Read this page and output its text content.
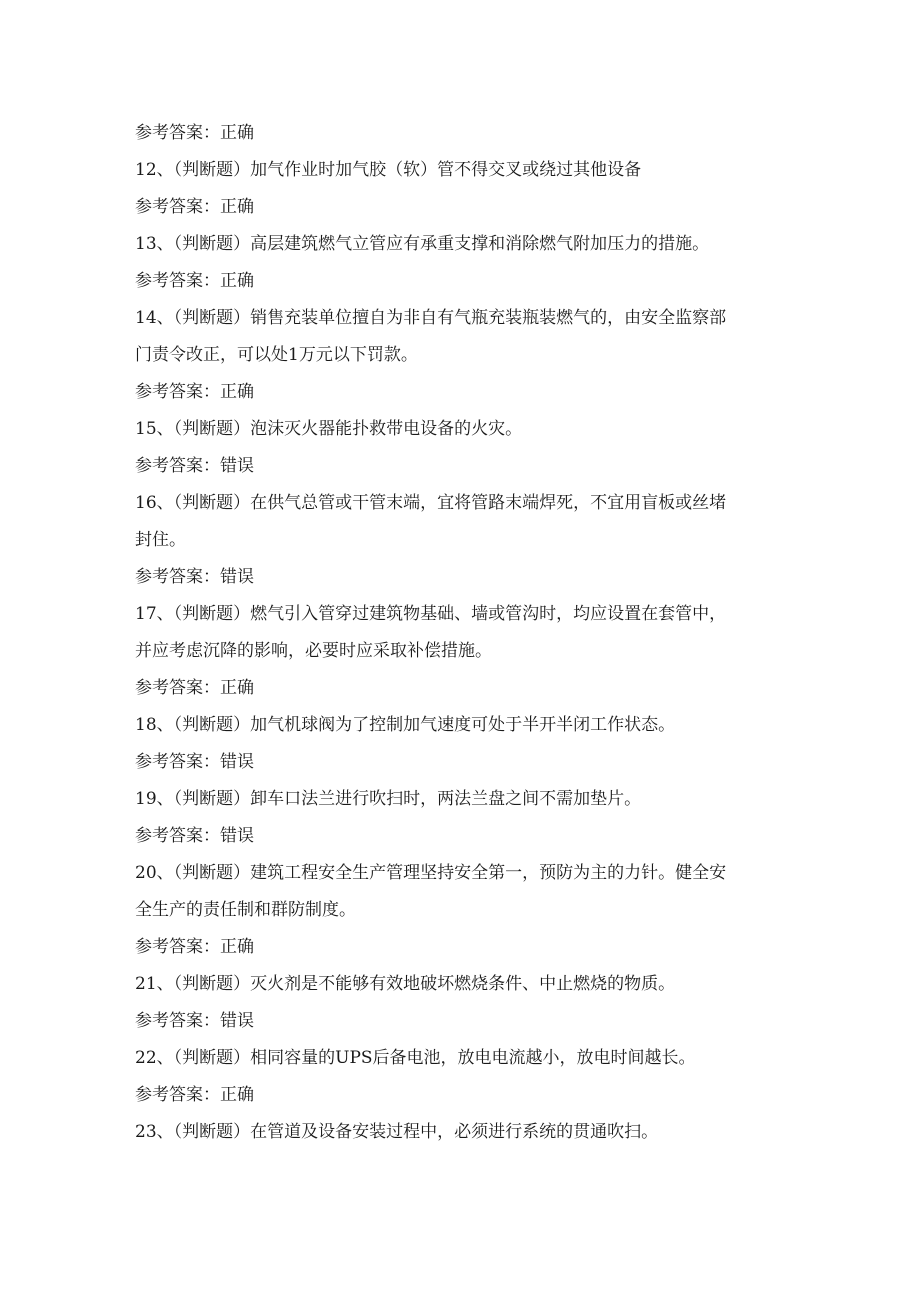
参考答案：正确
12、（判断题）加气作业时加气胶（软）管不得交叉或绕过其他设备
参考答案：正确
13、（判断题）高层建筑燃气立管应有承重支撑和消除燃气附加压力的措施。
参考答案：正确
14、（判断题）销售充装单位擅自为非自有气瓶充装瓶装燃气的，由安全监察部
门责令改正，可以处1万元以下罚款。
参考答案：正确
15、（判断题）泡沫灭火器能扑救带电设备的火灾。
参考答案：错误
16、（判断题）在供气总管或干管末端，宜将管路末端焊死，不宜用盲板或丝堵
封住。
参考答案：错误
17、（判断题）燃气引入管穿过建筑物基础、墙或管沟时，均应设置在套管中，
并应考虑沉降的影响，必要时应采取补偿措施。
参考答案：正确
18、（判断题）加气机球阀为了控制加气速度可处于半开半闭工作状态。
参考答案：错误
19、（判断题）卸车口法兰进行吹扫时，两法兰盘之间不需加垫片。
参考答案：错误
20、（判断题）建筑工程安全生产管理坚持安全第一，预防为主的力针。健全安
全生产的责任制和群防制度。
参考答案：正确
21、（判断题）灭火剂是不能够有效地破坏燃烧条件、中止燃烧的物质。
参考答案：错误
22、（判断题）相同容量的UPS后备电池，放电电流越小，放电时间越长。
参考答案：正确
23、（判断题）在管道及设备安装过程中，必须进行系统的贯通吹扫。
